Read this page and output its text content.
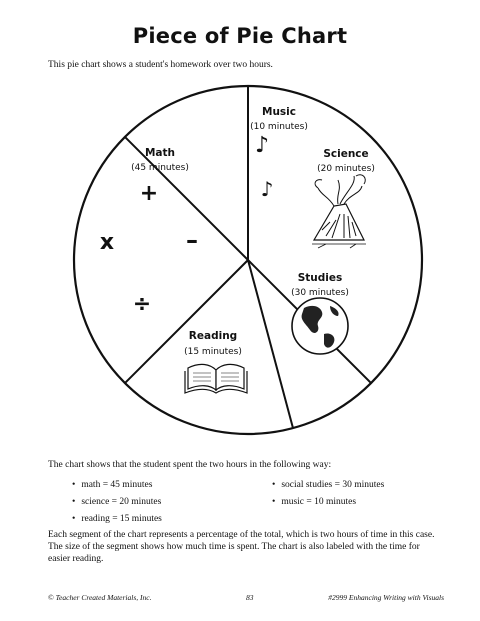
Piece of Pie Chart
This pie chart shows a student's homework over two hours.
Math
(45 minutes)
Music
(10 minutes)
Science
(20 minutes)
Studies
(30 minutes)
Reading
(15 minutes)
+
x	–
÷
♪
♪
The chart shows that the student spent the two hours in the following way:
• math = 45 minutes
• science = 20 minutes
• reading = 15 minutes
• social studies = 30 minutes
• music = 10 minutes
Each segment of the chart represents a percentage of the total, which is two hours of time in this case. The size of the segment shows how much time is spent. The chart is also labeled with the time for easier reading.
© Teacher Created Materials, Inc.	83	#2999 Enhancing Writing with Visuals
